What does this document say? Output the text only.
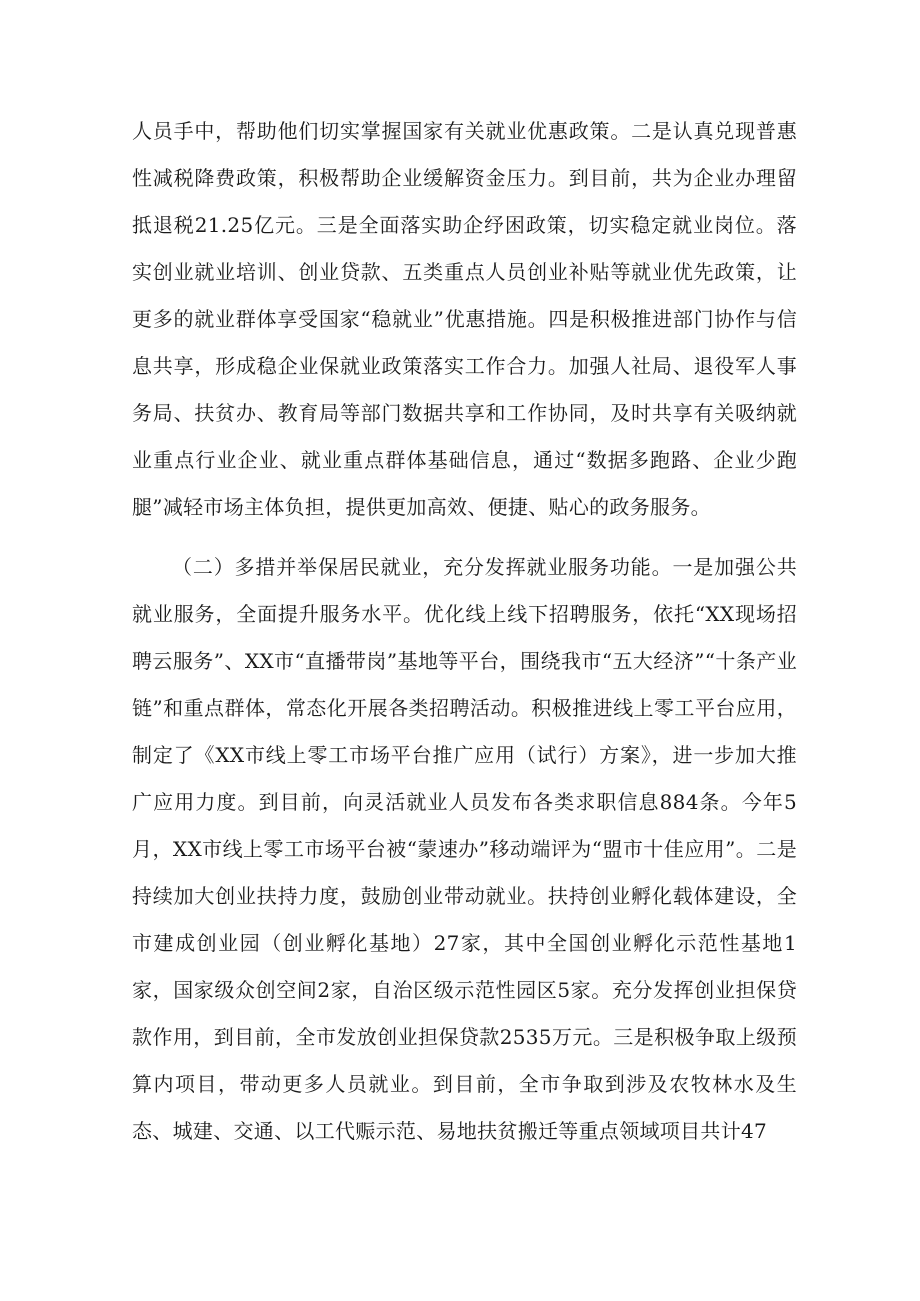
人员手中，帮助他们切实掌握国家有关就业优惠政策。二是认真兑现普惠性减税降费政策，积极帮助企业缓解资金压力。到目前，共为企业办理留抵退税21.25亿元。三是全面落实助企纾困政策，切实稳定就业岗位。落实创业就业培训、创业贷款、五类重点人员创业补贴等就业优先政策，让更多的就业群体享受国家“稳就业”优惠措施。四是积极推进部门协作与信息共享，形成稳企业保就业政策落实工作合力。加强人社局、退役军人事务局、扶贫办、教育局等部门数据共享和工作协同，及时共享有关吸纳就业重点行业企业、就业重点群体基础信息，通过“数据多跑路、企业少跑腿”减轻市场主体负担，提供更加高效、便捷、贴心的政务服务。

（二）多措并举保居民就业，充分发挥就业服务功能。一是加强公共就业服务，全面提升服务水平。优化线上线下招聘服务，依托“XX现场招聘云服务”、XX市“直播带岗”基地等平台，围绕我市“五大经济”“十条产业链”和重点群体，常态化开展各类招聘活动。积极推进线上零工平台应用，制定了《XX市线上零工市场平台推广应用（试行）方案》，进一步加大推广应用力度。到目前，向灵活就业人员发布各类求职信息884条。今年5月，XX市线上零工市场平台被“蒙速办”移动端评为“盟市十佳应用”。二是持续加大创业扶持力度，鼓励创业带动就业。扶持创业孵化载体建设，全市建成创业园（创业孵化基地）27家，其中全国创业孵化示范性基地1家，国家级众创空间2家，自治区级示范性园区5家。充分发挥创业担保贷款作用，到目前，全市发放创业担保贷款2535万元。三是积极争取上级预算内项目，带动更多人员就业。到目前，全市争取到涉及农牧林水及生态、城建、交通、以工代赈示范、易地扶贫搬迁等重点领域项目共计47
